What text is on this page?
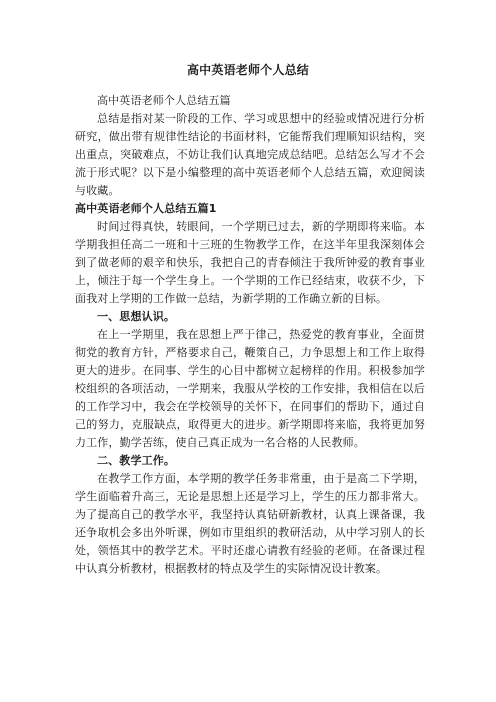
高中英语老师个人总结

高中英语老师个人总结五篇

总结是指对某一阶段的工作、学习或思想中的经验或情况进行分析研究，做出带有规律性结论的书面材料，它能帮我们理顺知识结构，突出重点，突破难点，不妨让我们认真地完成总结吧。总结怎么写才不会流于形式呢？以下是小编整理的高中英语老师个人总结五篇，欢迎阅读与收藏。

高中英语老师个人总结五篇1

时间过得真快，转眼间，一个学期已过去，新的学期即将来临。本学期我担任高二一班和十三班的生物教学工作，在这半年里我深刻体会到了做老师的艰辛和快乐，我把自己的青春倾注于我所钟爱的教育事业上，倾注于每一个学生身上。一个学期的工作已经结束，收获不少，下面我对上学期的工作做一总结，为新学期的工作确立新的目标。

一、思想认识。

在上一学期里，我在思想上严于律己，热爱党的教育事业，全面贯彻党的教育方针，严格要求自己，鞭策自己，力争思想上和工作上取得更大的进步。在同事、学生的心目中都树立起榜样的作用。积极参加学校组织的各项活动，一学期来，我服从学校的工作安排，我相信在以后的工作学习中，我会在学校领导的关怀下，在同事们的帮助下，通过自己的努力，克服缺点，取得更大的进步。新学期即将来临，我将更加努力工作，勤学苦练，使自己真正成为一名合格的人民教师。

二、教学工作。

在教学工作方面，本学期的教学任务非常重，由于是高二下学期，学生面临着升高三，无论是思想上还是学习上，学生的压力都非常大。为了提高自己的教学水平，我坚持认真钻研新教材，认真上课备课，我还争取机会多出外听课，例如市里组织的教研活动，从中学习别人的长处，领悟其中的教学艺术。平时还虚心请教有经验的老师。在备课过程中认真分析教材，根据教材的特点及学生的实际情况设计教案。
